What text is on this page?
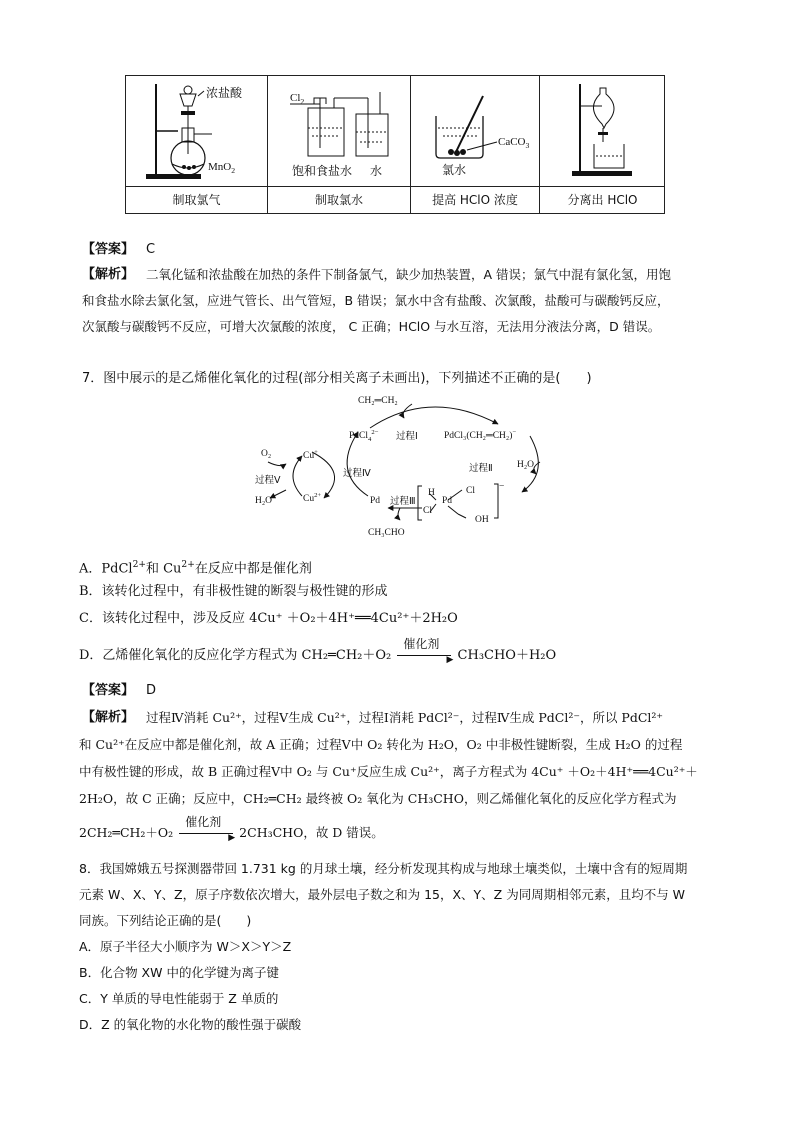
浓盐酸
MnO$_2$
$Cl_2$
饱和食盐水 水
CaCO$_3$
氯水
制取氯气	制取氯水	提高 HClO 浓度	分离出 HClO
【答案】 C
【解析】 二氧化锰和浓盐酸在加热的条件下制备氯气，缺少加热装置，A 错误；氯气中混有氯化氢，用饱
和食盐水除去氯化氢，应进气管长、出气管短，B 错误；氯水中含有盐酸、次氯酸，盐酸可与碳酸钙反应，
次氯酸与碳酸钙不反应，可增大次氯酸的浓度， C 正确；HClO 与水互溶，无法用分液法分离，D 错误。
7．图中展示的是乙烯催化氧化的过程(部分相关离子未画出)，下列描述不正确的是(　　)
CH₂═CH₂
PdCl$_4^{2-}$ 过程Ⅰ	PdCl₃(CH₂═CH₂)−
Cu+
O₂
过程Ⅳ	过程Ⅱ	H₂O
过程Ⅴ
$Cu^{2+}$
H₂O	Pd 过程Ⅲ
H
Pd
Cl	−
Cl
OH
CH₃CHO
A．PdCl$^{2+}$和 $Cu^{2+}$在反应中都是催化剂
B．该转化过程中，有非极性键的断裂与极性键的形成
C．该转化过程中，涉及反应 4Cu⁺ ＋O₂＋4H⁺══4Cu²⁺＋2H₂O
D．乙烯催化氧化的反应化学方程式为 CH₂═CH₂＋O₂
催化剂
▶ CH₃CHO＋H₂O
【答案】 D
【解析】 过程Ⅳ消耗 Cu²⁺，过程Ⅴ生成 Cu²⁺，过程Ⅰ消耗 PdCl²⁻，过程Ⅳ生成 PdCl²⁻，所以 PdCl²⁺
和 Cu²⁺在反应中都是催化剂，故 A 正确；过程Ⅴ中 O₂ 转化为 H₂O，O₂ 中非极性键断裂，生成 H₂O 的过程
中有极性键的形成，故 B 正确过程Ⅴ中 O₂ 与 Cu⁺反应生成 Cu²⁺，离子方程式为 4Cu⁺ ＋O₂＋4H⁺══4Cu²⁺＋
2H₂O，故 C 正确；反应中，CH₂═CH₂ 最终被 O₂ 氧化为 CH₃CHO，则乙烯催化氧化的反应化学方程式为
2CH₂═CH₂＋O₂
催化剂
▶ 2CH₃CHO，故 D 错误。
8．我国嫦娥五号探测器带回 1.731 kg 的月球土壤，经分析发现其构成与地球土壤类似，土壤中含有的短周期
元素 W、X、Y、Z，原子序数依次增大，最外层电子数之和为 15，X、Y、Z 为同周期相邻元素，且均不与 W
同族。下列结论正确的是(　　)
A．原子半径大小顺序为 W＞X＞Y＞Z
B．化合物 XW 中的化学键为离子键
C．Y 单质的导电性能弱于 Z 单质的
D．Z 的氧化物的水化物的酸性强于碳酸
